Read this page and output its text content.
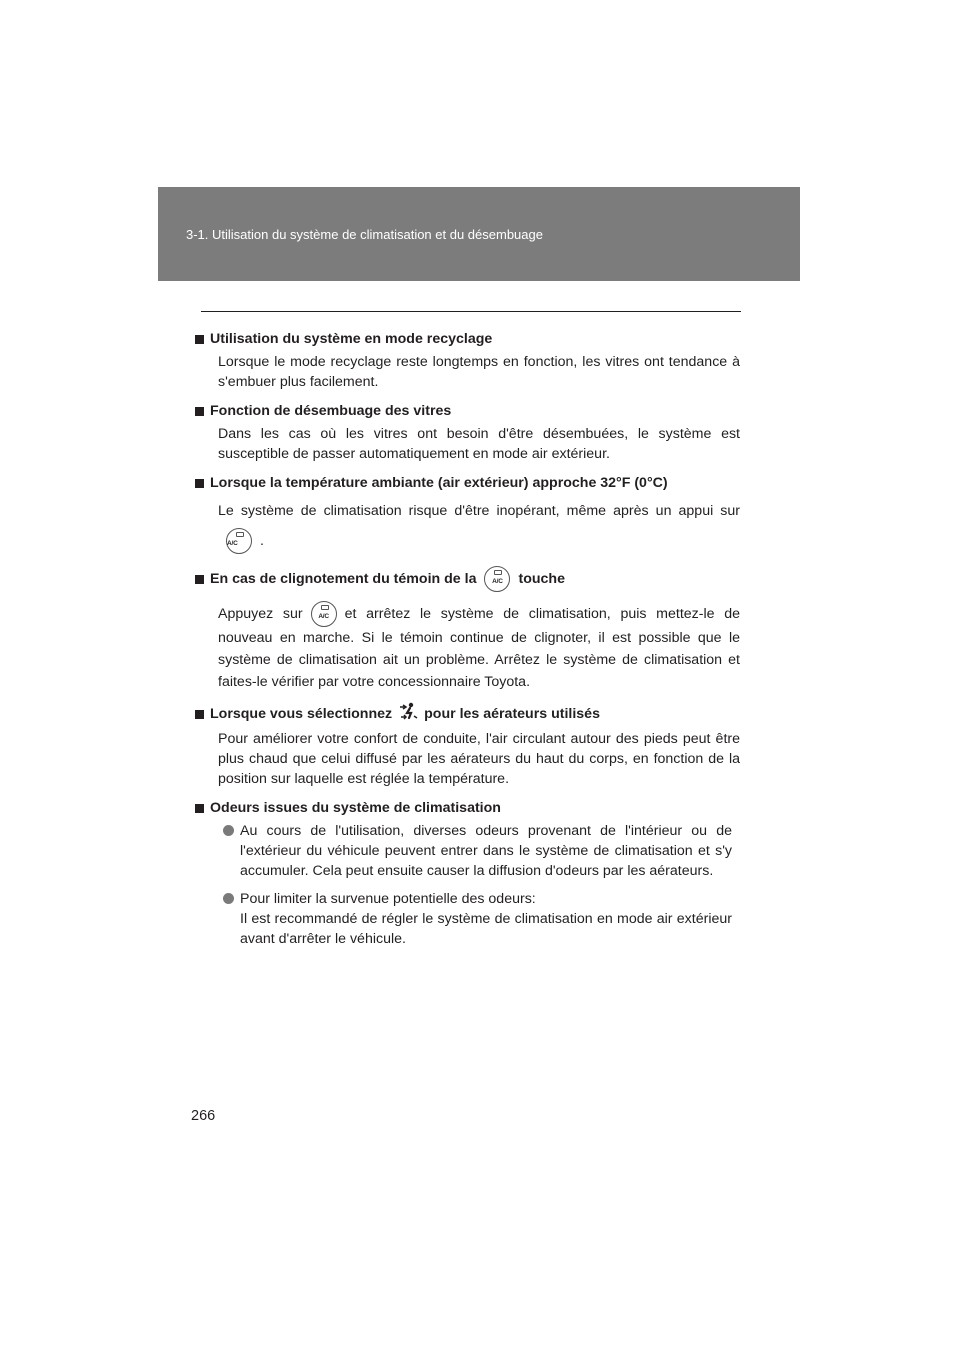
3-1. Utilisation du système de climatisation et du désembuage
Utilisation du système en mode recyclage

Lorsque le mode recyclage reste longtemps en fonction, les vitres ont tendance à s'embuer plus facilement.

Fonction de désembuage des vitres

Dans les cas où les vitres ont besoin d'être désembuées, le système est susceptible de passer automatiquement en mode air extérieur.

Lorsque la température ambiante (air extérieur) approche 32°F (0°C)

Le système de climatisation risque d'être inopérant, même après un appui sur
A/C	.

En cas de clignotement du témoin de la	A/C	touche

Appuyez sur	A/C	et arrêtez le système de climatisation, puis mettez-le de nouveau en marche. Si le témoin continue de clignoter, il est possible que le système de climatisation ait un problème. Arrêtez le système de climatisation et faites-le vérifier par votre concessionnaire Toyota.

Lorsque vous sélectionnez pour les aérateurs utilisés

Pour améliorer votre confort de conduite, l'air circulant autour des pieds peut être plus chaud que celui diffusé par les aérateurs du haut du corps, en fonction de la position sur laquelle est réglée la température.

Odeurs issues du système de climatisation
Au cours de l'utilisation, diverses odeurs provenant de l'intérieur ou de l'extérieur du véhicule peuvent entrer dans le système de climatisation et s'y accumuler. Cela peut ensuite causer la diffusion d'odeurs par les aérateurs.
Pour limiter la survenue potentielle des odeurs:
Il est recommandé de régler le système de climatisation en mode air extérieur avant d'arrêter le véhicule.
266
